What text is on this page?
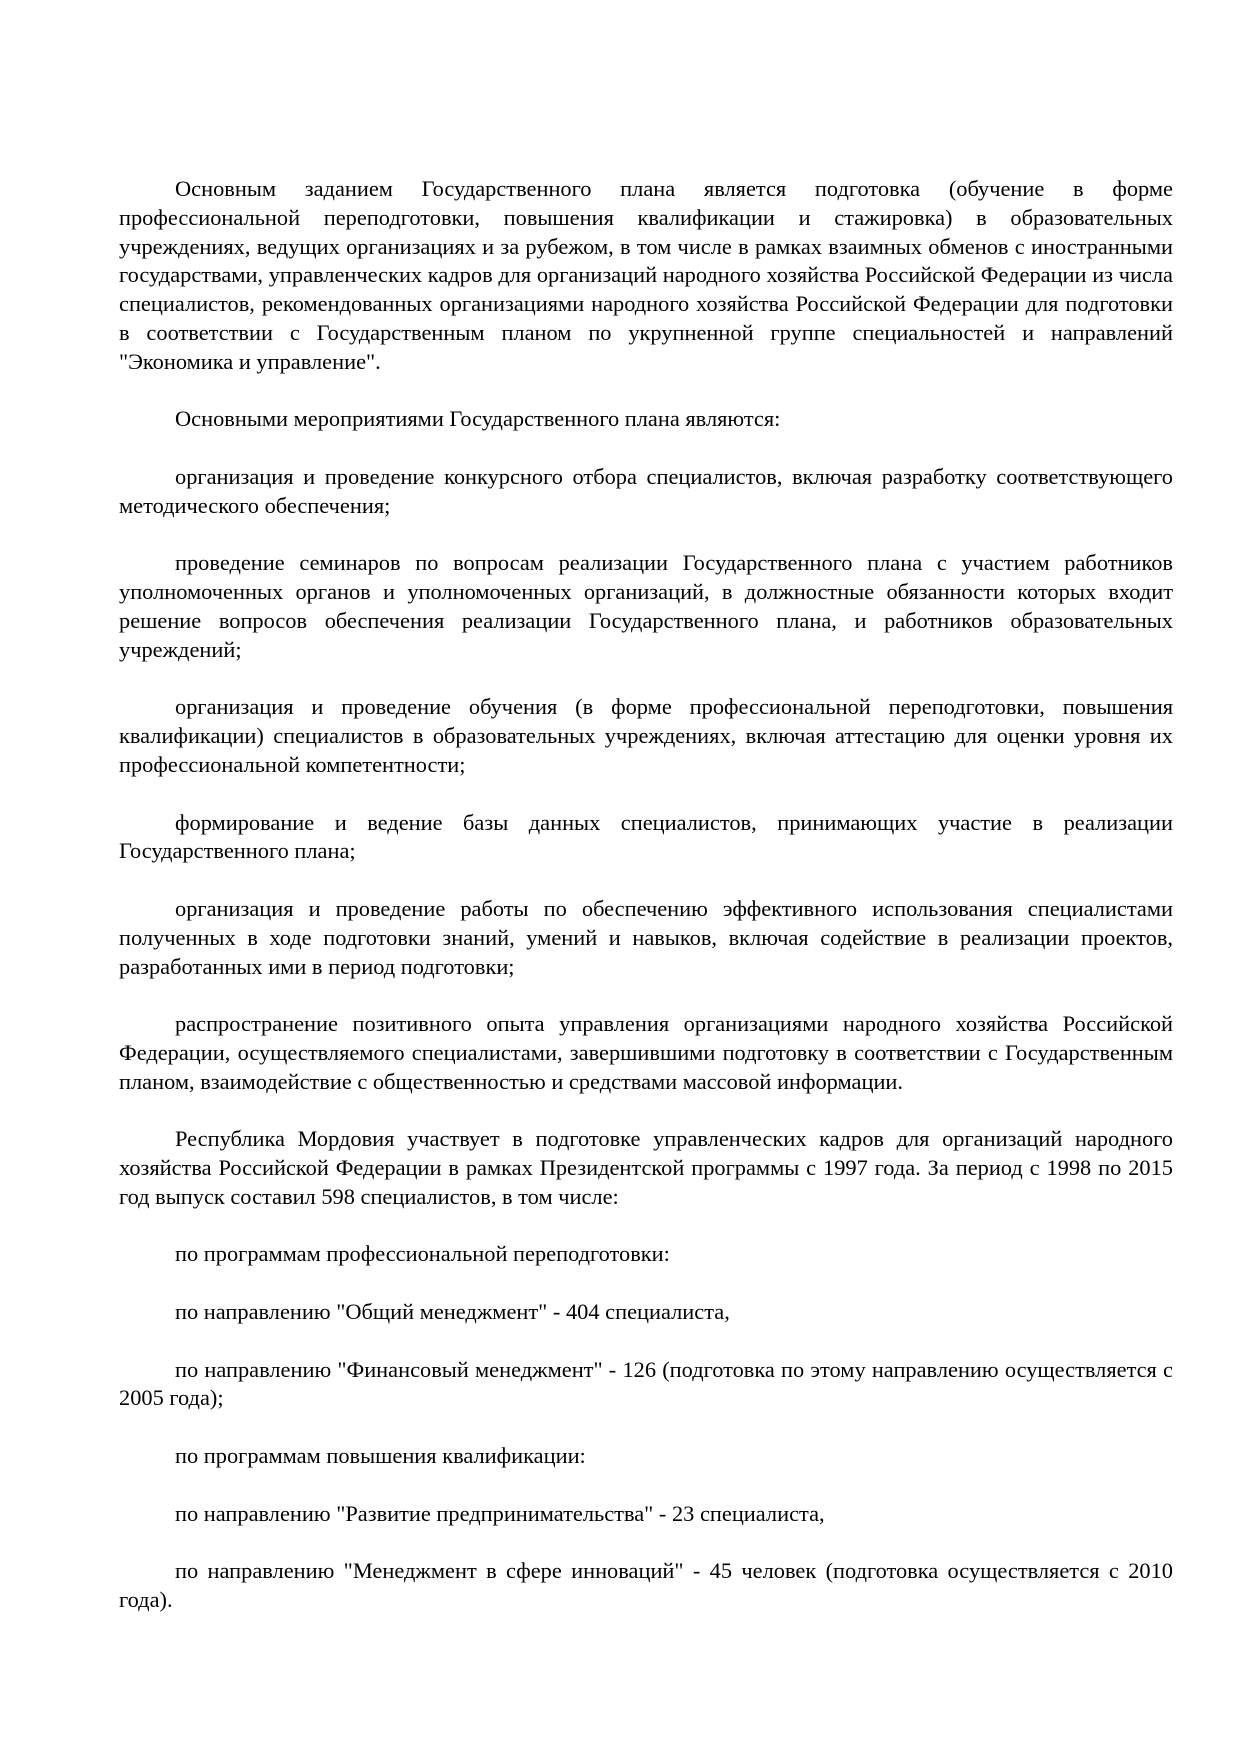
Основным заданием Государственного плана является подготовка (обучение в форме профессиональной переподготовки, повышения квалификации и стажировка) в образовательных учреждениях, ведущих организациях и за рубежом, в том числе в рамках взаимных обменов с иностранными государствами, управленческих кадров для организаций народного хозяйства Российской Федерации из числа специалистов, рекомендованных организациями народного хозяйства Российской Федерации для подготовки в соответствии с Государственным планом по укрупненной группе специальностей и направлений "Экономика и управление".

Основными мероприятиями Государственного плана являются:

организация и проведение конкурсного отбора специалистов, включая разработку соответствующего методического обеспечения;

проведение семинаров по вопросам реализации Государственного плана с участием работников уполномоченных органов и уполномоченных организаций, в должностные обязанности которых входит решение вопросов обеспечения реализации Государственного плана, и работников образовательных учреждений;

организация и проведение обучения (в форме профессиональной переподготовки, повышения квалификации) специалистов в образовательных учреждениях, включая аттестацию для оценки уровня их профессиональной компетентности;

формирование и ведение базы данных специалистов, принимающих участие в реализации Государственного плана;

организация и проведение работы по обеспечению эффективного использования специалистами полученных в ходе подготовки знаний, умений и навыков, включая содействие в реализации проектов, разработанных ими в период подготовки;

распространение позитивного опыта управления организациями народного хозяйства Российской Федерации, осуществляемого специалистами, завершившими подготовку в соответствии с Государственным планом, взаимодействие с общественностью и средствами массовой информации.

Республика Мордовия участвует в подготовке управленческих кадров для организаций народного хозяйства Российской Федерации в рамках Президентской программы с 1997 года. За период с 1998 по 2015 год выпуск составил 598 специалистов, в том числе:

по программам профессиональной переподготовки:

по направлению "Общий менеджмент" - 404 специалиста,

по направлению "Финансовый менеджмент" - 126 (подготовка по этому направлению осуществляется с 2005 года);

по программам повышения квалификации:

по направлению "Развитие предпринимательства" - 23 специалиста,

по направлению "Менеджмент в сфере инноваций" - 45 человек (подготовка осуществляется с 2010 года).
